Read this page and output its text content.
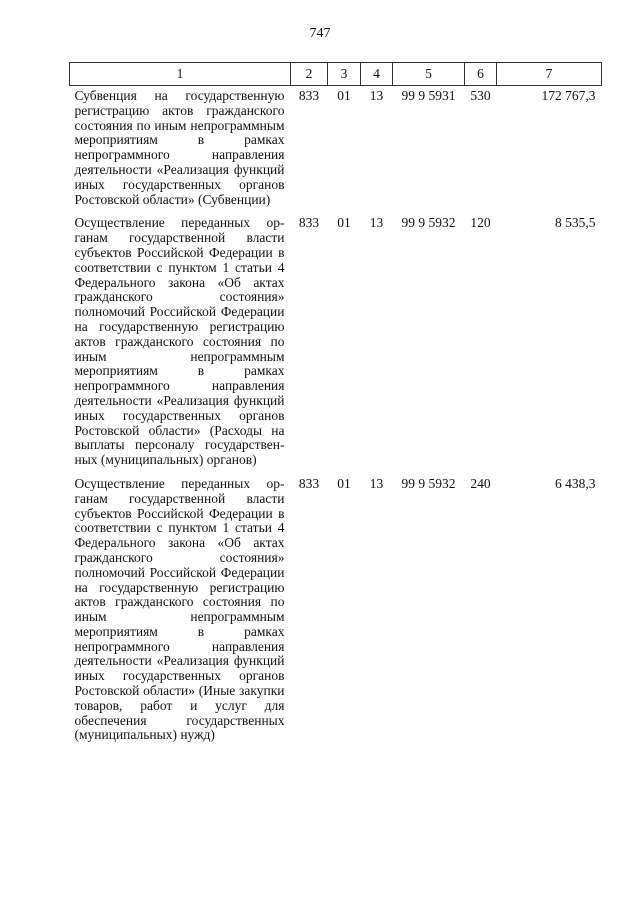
747
1	2	3	4	5	6	7
Субвенция на государственную регистрацию актов гражданского состояния по иным непрограммным мероприятиям в рамках непрограммного направления деятельности «Реализация функций иных государственных органов Ростовской области» (Субвенции)	833	01	13	99 9 5931	530	172 767,3
Осуществление переданных органам государственной власти субъектов Российской Федерации в соответствии с пунктом 1 статьи 4 Федерального закона «Об актах гражданского состояния» полномочий Российской Федерации на государственную регистрацию актов гражданского состояния по иным непрограммным мероприятиям в рамках непрограммного направления деятельности «Реализация функций иных государственных органов Ростовской области» (Расходы на выплаты персоналу государственных (муниципальных) органов)	833	01	13	99 9 5932	120	8 535,5
Осуществление переданных органам государственной власти субъектов Российской Федерации в соответствии с пунктом 1 статьи 4 Федерального закона «Об актах гражданского состояния» полномочий Российской Федерации на государственную регистрацию актов гражданского состояния по иным непрограммным мероприятиям в рамках непрограммного направления деятельности «Реализация функций иных государственных органов Ростовской области» (Иные закупки товаров, работ и услуг для обеспечения государственных (муниципальных) нужд)	833	01	13	99 9 5932	240	6 438,3
